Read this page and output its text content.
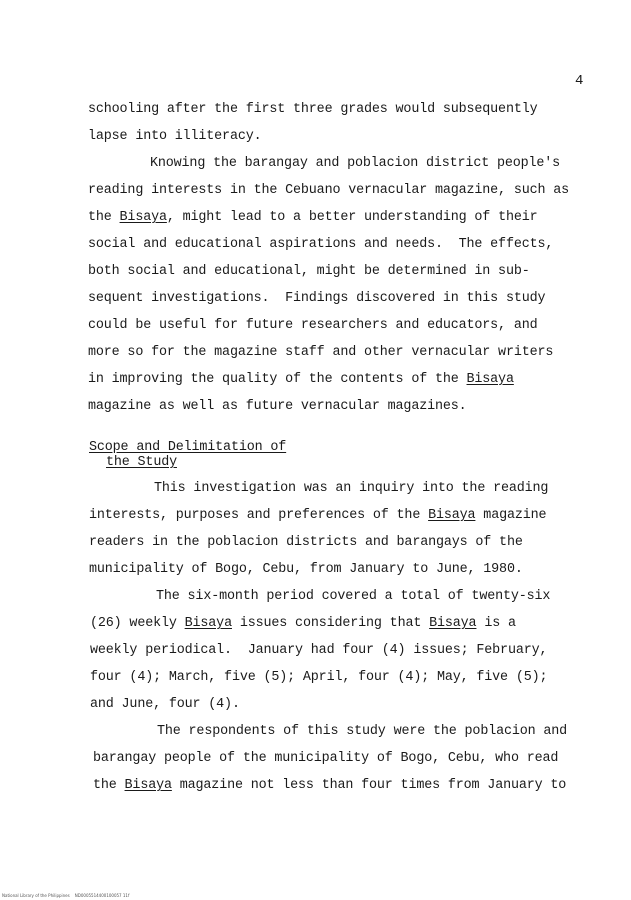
4
schooling after the first three grades would subsequently
lapse into illiteracy.
Knowing the barangay and poblacion district people's
reading interests in the Cebuano vernacular magazine, such as
the Bisaya, might lead to a better understanding of their
social and educational aspirations and needs.  The effects,
both social and educational, might be determined in sub-
sequent investigations.  Findings discovered in this study
could be useful for future researchers and educators, and
more so for the magazine staff and other vernacular writers
in improving the quality of the contents of the Bisaya
magazine as well as future vernacular magazines.
Scope and Delimitation of
the Study
This investigation was an inquiry into the reading
interests, purposes and preferences of the Bisaya magazine
readers in the poblacion districts and barangays of the
municipality of Bogo, Cebu, from January to June, 1980.
The six-month period covered a total of twenty-six
(26) weekly Bisaya issues considering that Bisaya is a
weekly periodical.  January had four (4) issues; February,
four (4); March, five (5); April, four (4); May, five (5);
and June, four (4).
The respondents of this study were the poblacion and
barangay people of the municipality of Bogo, Cebu, who read
the Bisaya magazine not less than four times from January to
National Library of the Philippines    ND0005514400100057 11f
